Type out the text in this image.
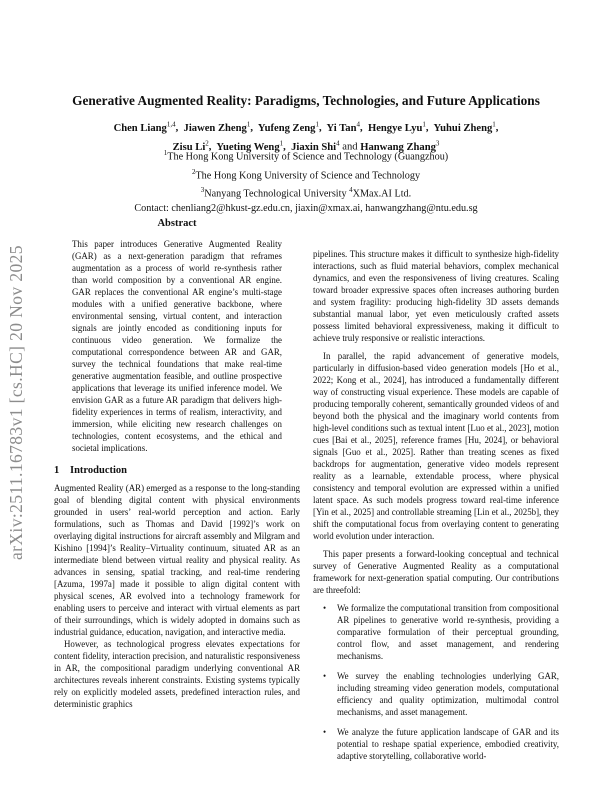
arXiv:2511.16783v1 [cs.HC] 20 Nov 2025
Generative Augmented Reality: Paradigms, Technologies, and Future Applications
Chen Liang$^{1,4}$,  Jiawen Zheng$^1$,  Yufeng Zeng$^1$,  Yi Tan$^4$,  Hengye Lyu$^1$,  Yuhui Zheng$^1$,
Zisu Li$^2$,  Yueting Weng$^1$,  Jiaxin Shi$^4$ and Hanwang Zhang$^3$
$^1$The Hong Kong University of Science and Technology (Guangzhou)
$^2$The Hong Kong University of Science and Technology
$^3$Nanyang Technological University $^4$XMax.AI Ltd.
Contact: chenliang2@hkust-gz.edu.cn, jiaxin@xmax.ai, hanwangzhang@ntu.edu.sg
Abstract

This paper introduces Generative Augmented Reality (GAR) as a next-generation paradigm that reframes augmentation as a process of world re-synthesis rather than world composition by a conventional AR engine. GAR replaces the conventional AR engine’s multi-stage modules with a unified generative backbone, where environmental sensing, virtual content, and interaction signals are jointly encoded as conditioning inputs for continuous video generation. We formalize the computational correspondence between AR and GAR, survey the technical foundations that make real-time generative augmentation feasible, and outline prospective applications that leverage its unified inference model. We envision GAR as a future AR paradigm that delivers high-fidelity experiences in terms of realism, interactivity, and immersion, while eliciting new research challenges on technologies, content ecosystems, and the ethical and societal implications.

1 Introduction

Augmented Reality (AR) emerged as a response to the long-standing goal of blending digital content with physical environments grounded in users’ real-world perception and action. Early formulations, such as Thomas and David [1992]’s work on overlaying digital instructions for aircraft assembly and Milgram and Kishino [1994]’s Reality–Virtuality continuum, situated AR as an intermediate blend between virtual reality and physical reality. As advances in sensing, spatial tracking, and real-time rendering [Azuma, 1997a] made it possible to align digital content with physical scenes, AR evolved into a technology framework for enabling users to perceive and interact with virtual elements as part of their surroundings, which is widely adopted in domains such as industrial guidance, education, navigation, and interactive media.

However, as technological progress elevates expectations for content fidelity, interaction precision, and naturalistic responsiveness in AR, the compositional paradigm underlying conventional AR architectures reveals inherent constraints. Existing systems typically rely on explicitly modeled assets, predefined interaction rules, and deterministic graphics

pipelines. This structure makes it difficult to synthesize high-fidelity interactions, such as fluid material behaviors, complex mechanical dynamics, and even the responsiveness of living creatures. Scaling toward broader expressive spaces often increases authoring burden and system fragility: producing high-fidelity 3D assets demands substantial manual labor, yet even meticulously crafted assets possess limited behavioral expressiveness, making it difficult to achieve truly responsive or realistic interactions.

In parallel, the rapid advancement of generative models, particularly in diffusion-based video generation models [Ho et al., 2022; Kong et al., 2024], has introduced a fundamentally different way of constructing visual experience. These models are capable of producing temporally coherent, semantically grounded videos of and beyond both the physical and the imaginary world contents from high-level conditions such as textual intent [Luo et al., 2023], motion cues [Bai et al., 2025], reference frames [Hu, 2024], or behavioral signals [Guo et al., 2025]. Rather than treating scenes as fixed backdrops for augmentation, generative video models represent reality as a learnable, extendable process, where physical consistency and temporal evolution are expressed within a unified latent space. As such models progress toward real-time inference [Yin et al., 2025] and controllable streaming [Lin et al., 2025b], they shift the computational focus from overlaying content to generating world evolution under interaction.

This paper presents a forward-looking conceptual and technical survey of Generative Augmented Reality as a computational framework for next-generation spatial computing. Our contributions are threefold:

• We formalize the computational transition from compositional AR pipelines to generative world re-synthesis, providing a comparative formulation of their perceptual grounding, control flow, and asset management, and rendering mechanisms.
• We survey the enabling technologies underlying GAR, including streaming video generation models, computational efficiency and quality optimization, multimodal control mechanisms, and asset management.
• We analyze the future application landscape of GAR and its potential to reshape spatial experience, embodied creativity, adaptive storytelling, collaborative world-
